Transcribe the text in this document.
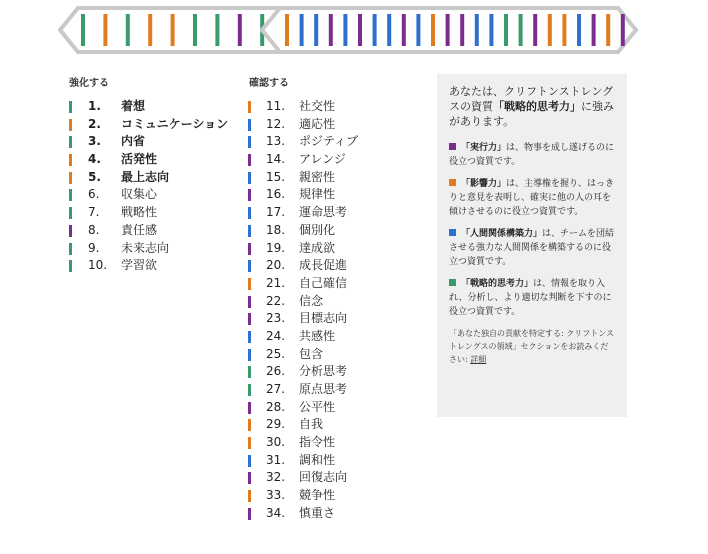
強化する	確認する
1. 着想
2. コミュニケーション
3. 内省
4. 活発性
5. 最上志向
6. 収集心
7. 戦略性
8. 責任感
9. 未来志向
10. 学習欲
11. 社交性
12. 適応性
13. ポジティブ
14. アレンジ
15. 親密性
16. 規律性
17. 運命思考
18. 個別化
19. 達成欲
20. 成長促進
21. 自己確信
22. 信念
23. 目標志向
24. 共感性
25. 包含
26. 分析思考
27. 原点思考
28. 公平性
29. 自我
30. 指令性
31. 調和性
32. 回復志向
33. 競争性
34. 慎重さ

あなたは、クリフトンストレングスの資質「戦略的思考力」に強みがあります。

「実行力」は、物事を成し遂げるのに役立つ資質です。

「影響力」は、主導権を握り、はっきりと意見を表明し、確実に他の人の耳を傾けさせるのに役立つ資質です。

「人間関係構築力」は、チームを団結させる強力な人間関係を構築するのに役立つ資質です。

「戦略的思考力」は、情報を取り入れ、分析し、より適切な判断を下すのに役立つ資質です。

「あなた独自の貢献を特定する: クリフトンストレングスの領域」セクションをお読みください: 詳細
